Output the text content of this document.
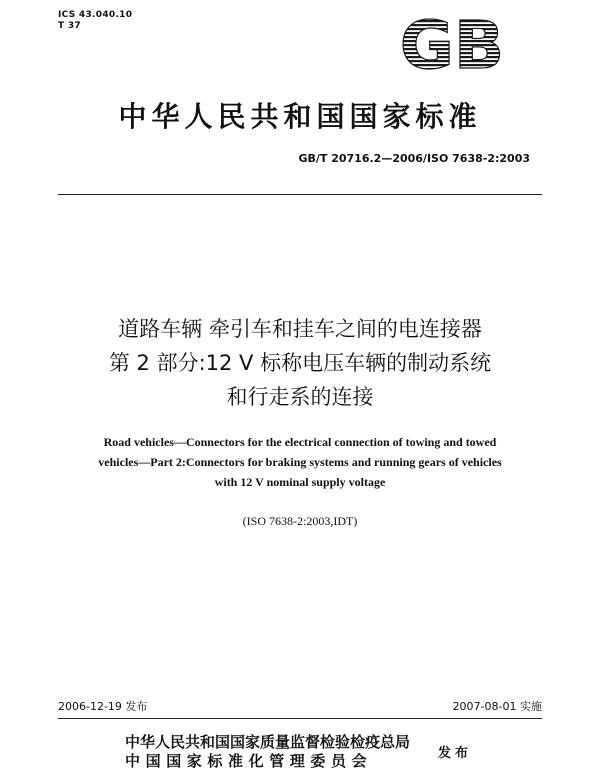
ICS 43.040.10
T 37	GB
中华人民共和国国家标准
GB/T 20716.2—2006/ISO 7638-2:2003
道路车辆 牵引车和挂车之间的电连接器
第 2 部分:12 V 标称电压车辆的制动系统
和行走系的连接
Road vehicles—Connectors for the electrical connection of towing and towed
vehicles—Part 2:Connectors for braking systems and running gears of vehicles
with 12 V nominal supply voltage
(ISO 7638-2:2003,IDT)
2006-12-19 发布	2007-08-01 实施
中华人民共和国国家质量监督检验检疫总局
中国国家标准化管理委员会	发布
